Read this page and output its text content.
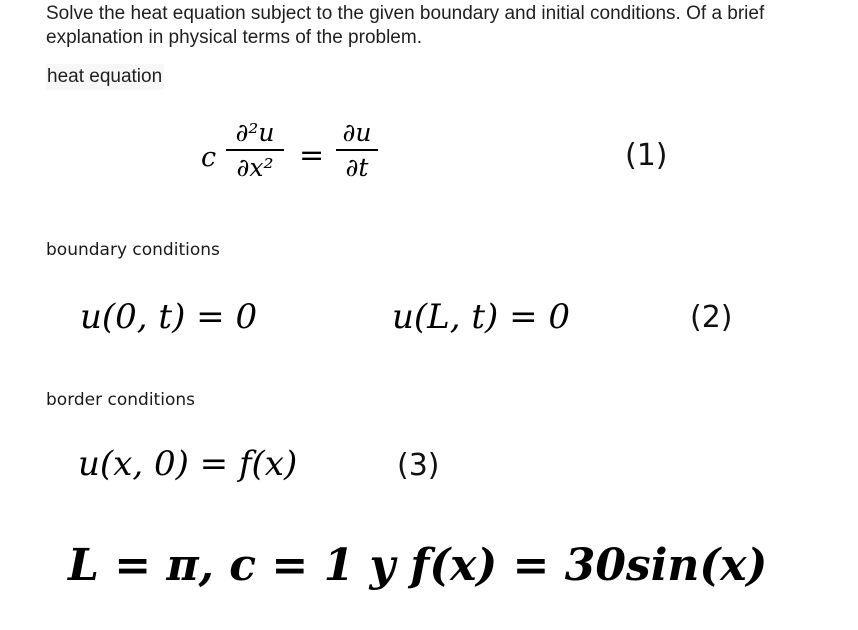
Solve the heat equation subject to the given boundary and initial conditions. Of a brief explanation in physical terms of the problem.
heat equation
c
∂²u
∂x² =
∂u
∂t	(1)
boundary conditions
u(0, t) = 0	u(L, t) = 0	(2)
border conditions
u(x, 0) = f(x)	(3)
L = π, c = 1 y f(x) = 30sin(x)
